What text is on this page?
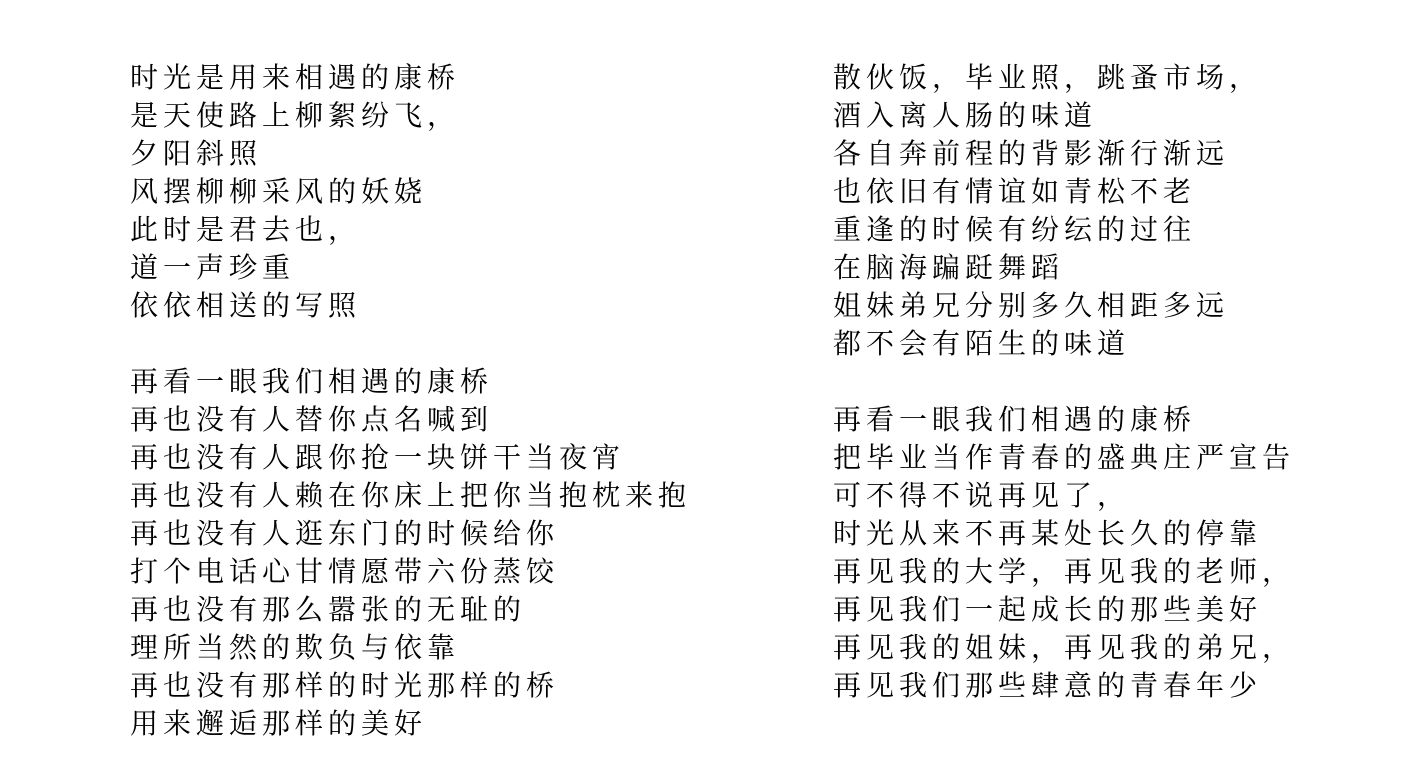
时光是用来相遇的康桥
是天使路上柳絮纷飞，
夕阳斜照
风摆柳柳采风的妖娆
此时是君去也，
道一声珍重
依依相送的写照
再看一眼我们相遇的康桥
再也没有人替你点名喊到
再也没有人跟你抢一块饼干当夜宵
再也没有人赖在你床上把你当抱枕来抱
再也没有人逛东门的时候给你
打个电话心甘情愿带六份蒸饺
再也没有那么嚣张的无耻的
理所当然的欺负与依靠
再也没有那样的时光那样的桥
用来邂逅那样的美好
散伙饭，毕业照，跳蚤市场，
酒入离人肠的味道
各自奔前程的背影渐行渐远
也依旧有情谊如青松不老
重逢的时候有纷纭的过往
在脑海蹁跹舞蹈
姐妹弟兄分别多久相距多远
都不会有陌生的味道
再看一眼我们相遇的康桥
把毕业当作青春的盛典庄严宣告
可不得不说再见了，
时光从来不再某处长久的停靠
再见我的大学，再见我的老师，
再见我们一起成长的那些美好
再见我的姐妹，再见我的弟兄，
再见我们那些肆意的青春年少
